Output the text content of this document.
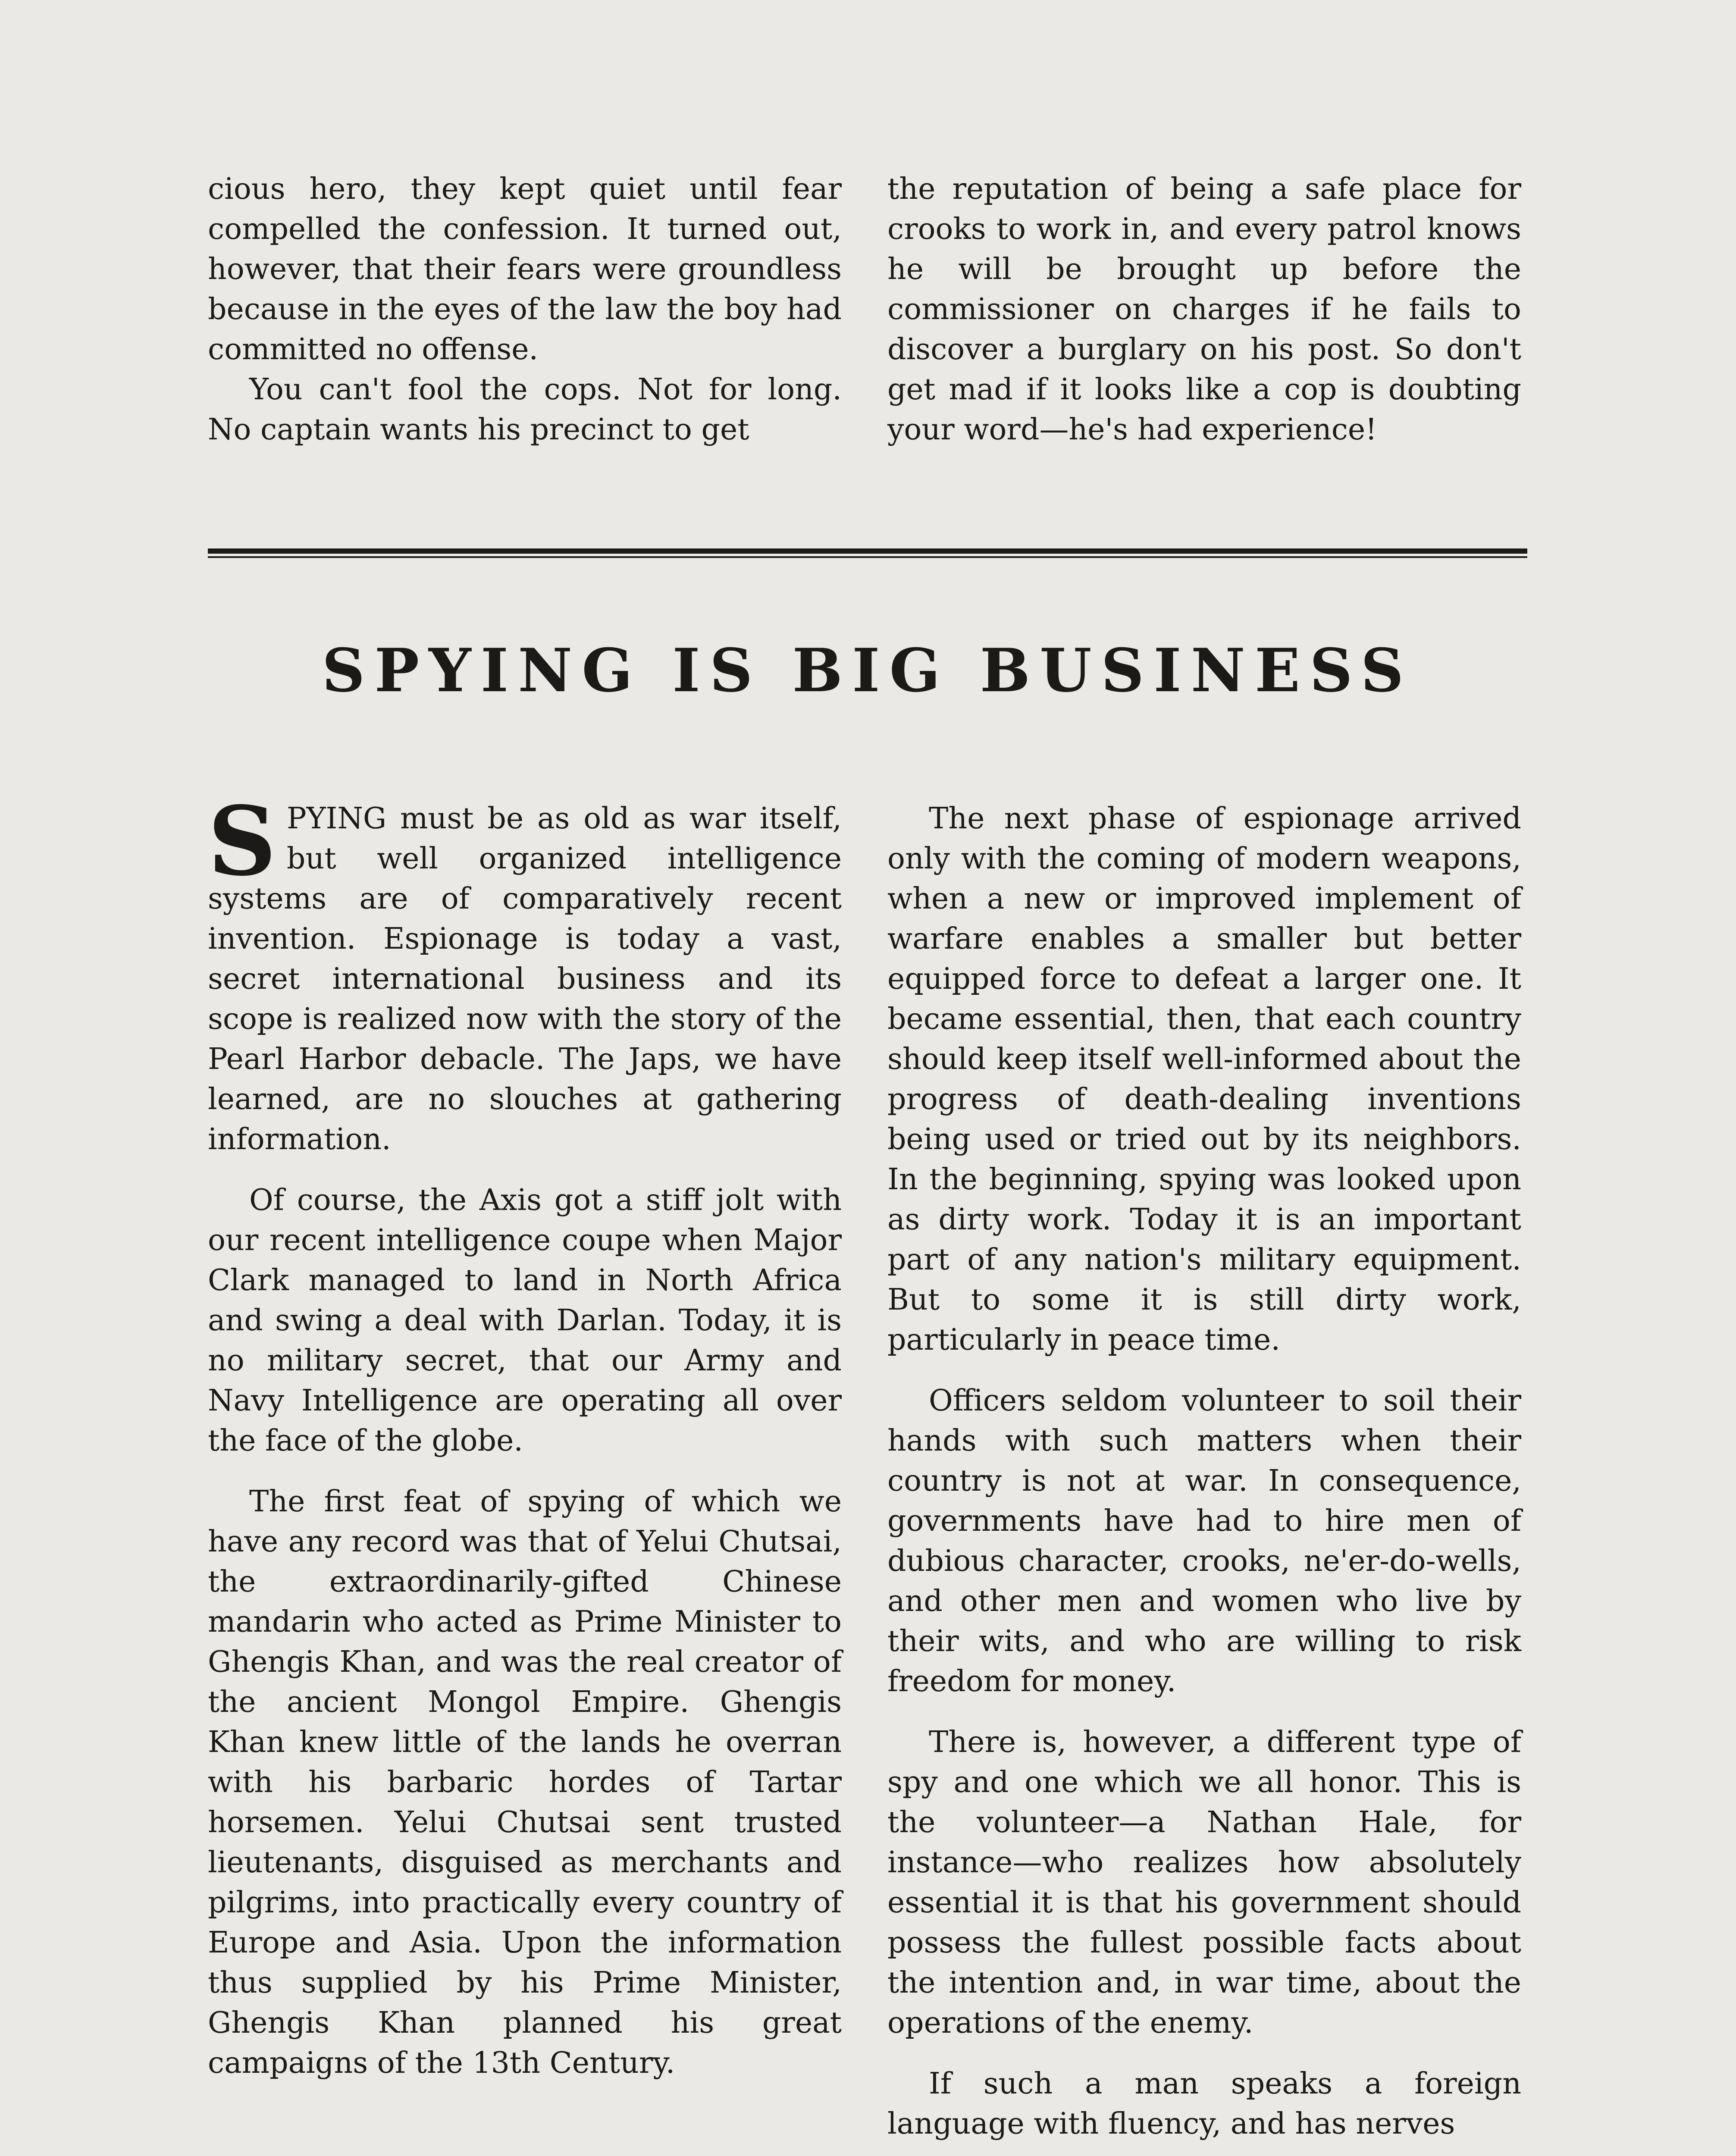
cious hero, they kept quiet until fear compelled the confession. It turned out, however, that their fears were groundless because in the eyes of the law the boy had committed no offense.

You can't fool the cops. Not for long. No captain wants his precinct to get

the reputation of being a safe place for crooks to work in, and every patrol knows he will be brought up before the commissioner on charges if he fails to discover a burglary on his post. So don't get mad if it looks like a cop is doubting your word—he's had experience!

SPYING IS BIG BUSINESS

SPYING must be as old as war itself, but well organized intelligence systems are of comparatively recent invention. Espionage is today a vast, secret international business and its scope is realized now with the story of the Pearl Harbor debacle. The Japs, we have learned, are no slouches at gathering information.

Of course, the Axis got a stiff jolt with our recent intelligence coupe when Major Clark managed to land in North Africa and swing a deal with Darlan. Today, it is no military secret, that our Army and Navy Intelligence are operating all over the face of the globe.

The first feat of spying of which we have any record was that of Yelui Chutsai, the extraordinarily-gifted Chinese mandarin who acted as Prime Minister to Ghengis Khan, and was the real creator of the ancient Mongol Empire. Ghengis Khan knew little of the lands he overran with his barbaric hordes of Tartar horsemen. Yelui Chutsai sent trusted lieutenants, disguised as merchants and pilgrims, into practically every country of Europe and Asia. Upon the information thus supplied by his Prime Minister, Ghengis Khan planned his great campaigns of the 13th Century.

The next phase of espionage arrived only with the coming of modern weapons, when a new or improved implement of warfare enables a smaller but better equipped force to defeat a larger one. It became essential, then, that each country should keep itself well-informed about the progress of death-dealing inventions being used or tried out by its neighbors. In the beginning, spying was looked upon as dirty work. Today it is an important part of any nation's military equipment. But to some it is still dirty work, particularly in peace time.

Officers seldom volunteer to soil their hands with such matters when their country is not at war. In consequence, governments have had to hire men of dubious character, crooks, ne'er-do-wells, and other men and women who live by their wits, and who are willing to risk freedom for money.

There is, however, a different type of spy and one which we all honor. This is the volunteer—a Nathan Hale, for instance—who realizes how absolutely essential it is that his government should possess the fullest possible facts about the intention and, in war time, about the operations of the enemy.

If such a man speaks a foreign language with fluency, and has nerves
